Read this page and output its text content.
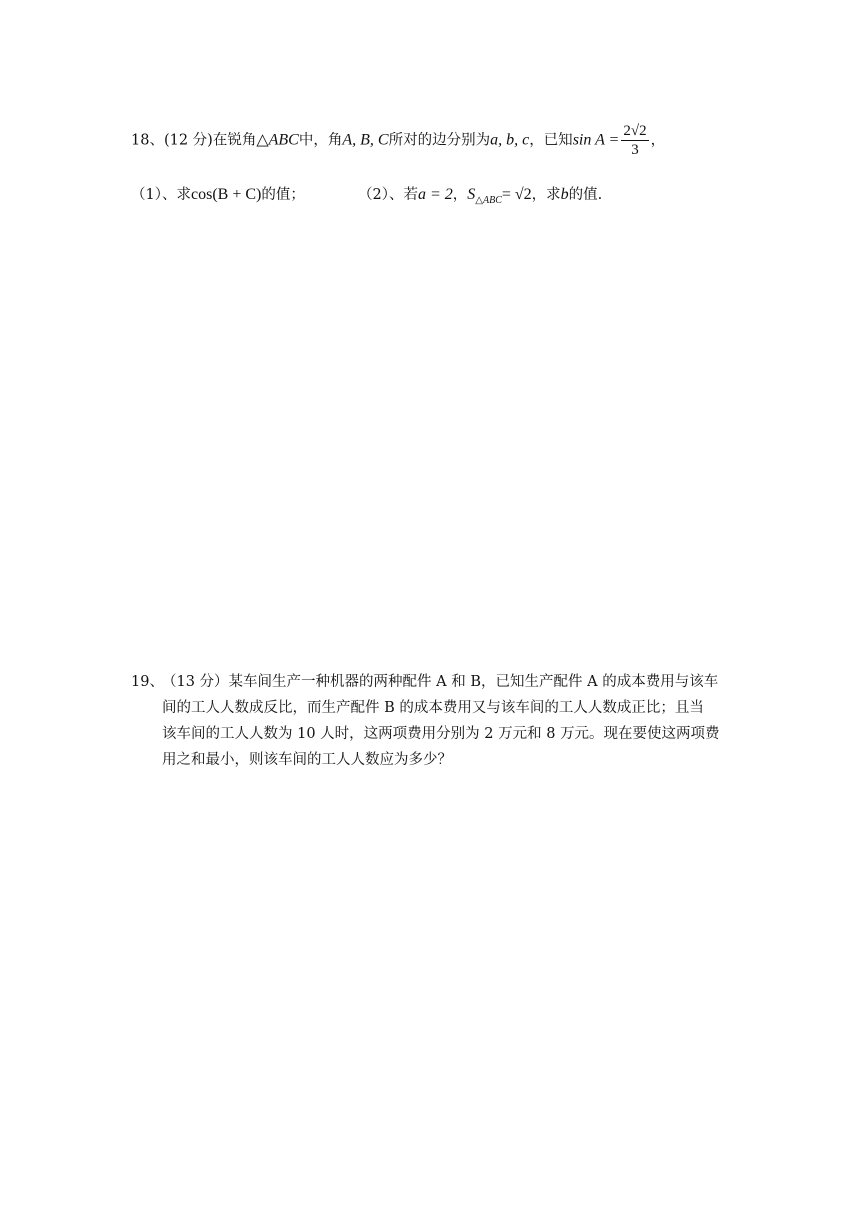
18、(12 分)在锐角△ABC中，角A, B, C所对的边分别为a, b, c，已知$\sin A = \frac{2√2}{3}$ ，
（1）、求cos(B + C)的值；	（2）、若a = 2，$S_{\triangle ABC}= √2$，求b的值.
19、
（13 分）某车间生产一种机器的两种配件 A 和 B，已知生产配件 A 的成本费用与该车
间的工人人数成反比，而生产配件 B 的成本费用又与该车间的工人人数成正比；且当
该车间的工人人数为 10 人时，这两项费用分别为 2 万元和 8 万元。现在要使这两项费
用之和最小，则该车间的工人人数应为多少？
